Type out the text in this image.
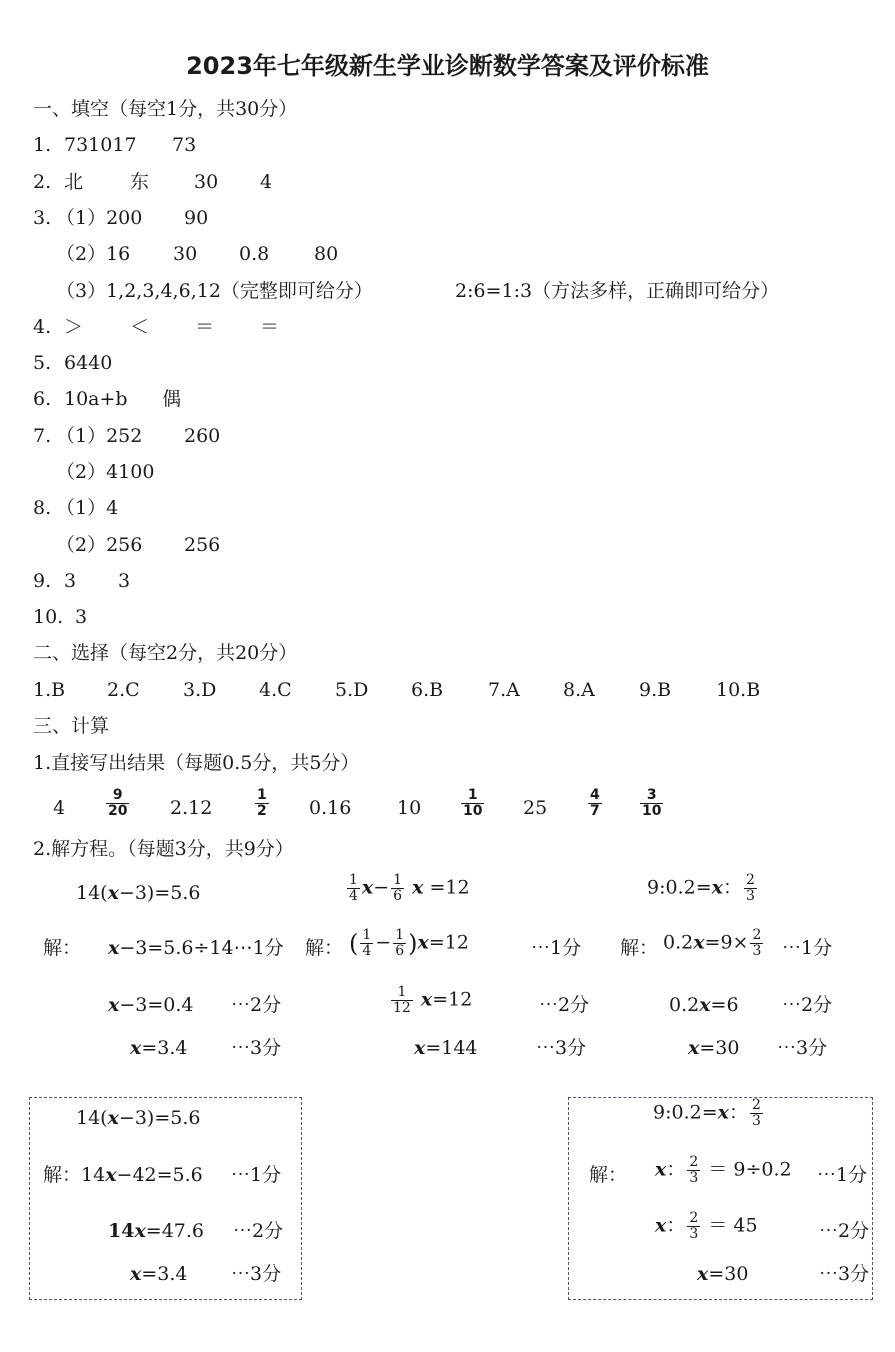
2023年七年级新生学业诊断数学答案及评价标准
一、填空（每空1分，共30分）
1. 731017 73
2. 北 东 30 4
3. （1）200 90
（2）16 30 0.8 80
（3）1,2,3,4,6,12（完整即可给分）	2:6=1:3（方法多样，正确即可给分）
4. ＞ ＜ ＝ ＝
5. 6440
6. 10a+b 偶
7. （1）252 260
（2）4100
8. （1）4
（2）256 256
9. 3 3
10. 3
二、选择（每空2分，共20分）
1.B 2.C 3.D 4.C 5.D 6.B 7.A 8.A 9.B 10.B
三、计算
1.直接写出结果（每题0.5分，共5分）
4	$\frac{9}{20} 2.12$	$\frac{1}{2} 0.16$ 10	$\frac{1}{10} 25$	$\frac{4}{7}$	$\frac{3}{10}$
2.解方程。（每题3分，共9分）
14(x−3)=5.6
解： x−3=5.6÷14⋯1分
x−3=0.4 ⋯2分
x=3.4 ⋯3分
$\frac{1}{4} x- \frac{1}{6}$ x =12
解： ( $\frac{1}{4} - \frac{1}{6} )x=12$	⋯1分
$\frac{1}{12} x=12$	⋯2分
x=144	⋯3分
9:0.2=x： $\frac{2}{3}$
解： $0.2x=9\times \frac{2}{3}$ ⋯1分
0.2x=6 ⋯2分
x=30 ⋯3分
14(x−3)=5.6
解：14x−42=5.6 ⋯1分
14x=47.6 ⋯2分
x=3.4 ⋯3分
9:0.2=x： $\frac{2}{3}$
解： x： $\frac{2}{3} = 9\div 0.2$ ⋯1分
x： $\frac{2}{3} = 45$	⋯2分
x=30	⋯3分
